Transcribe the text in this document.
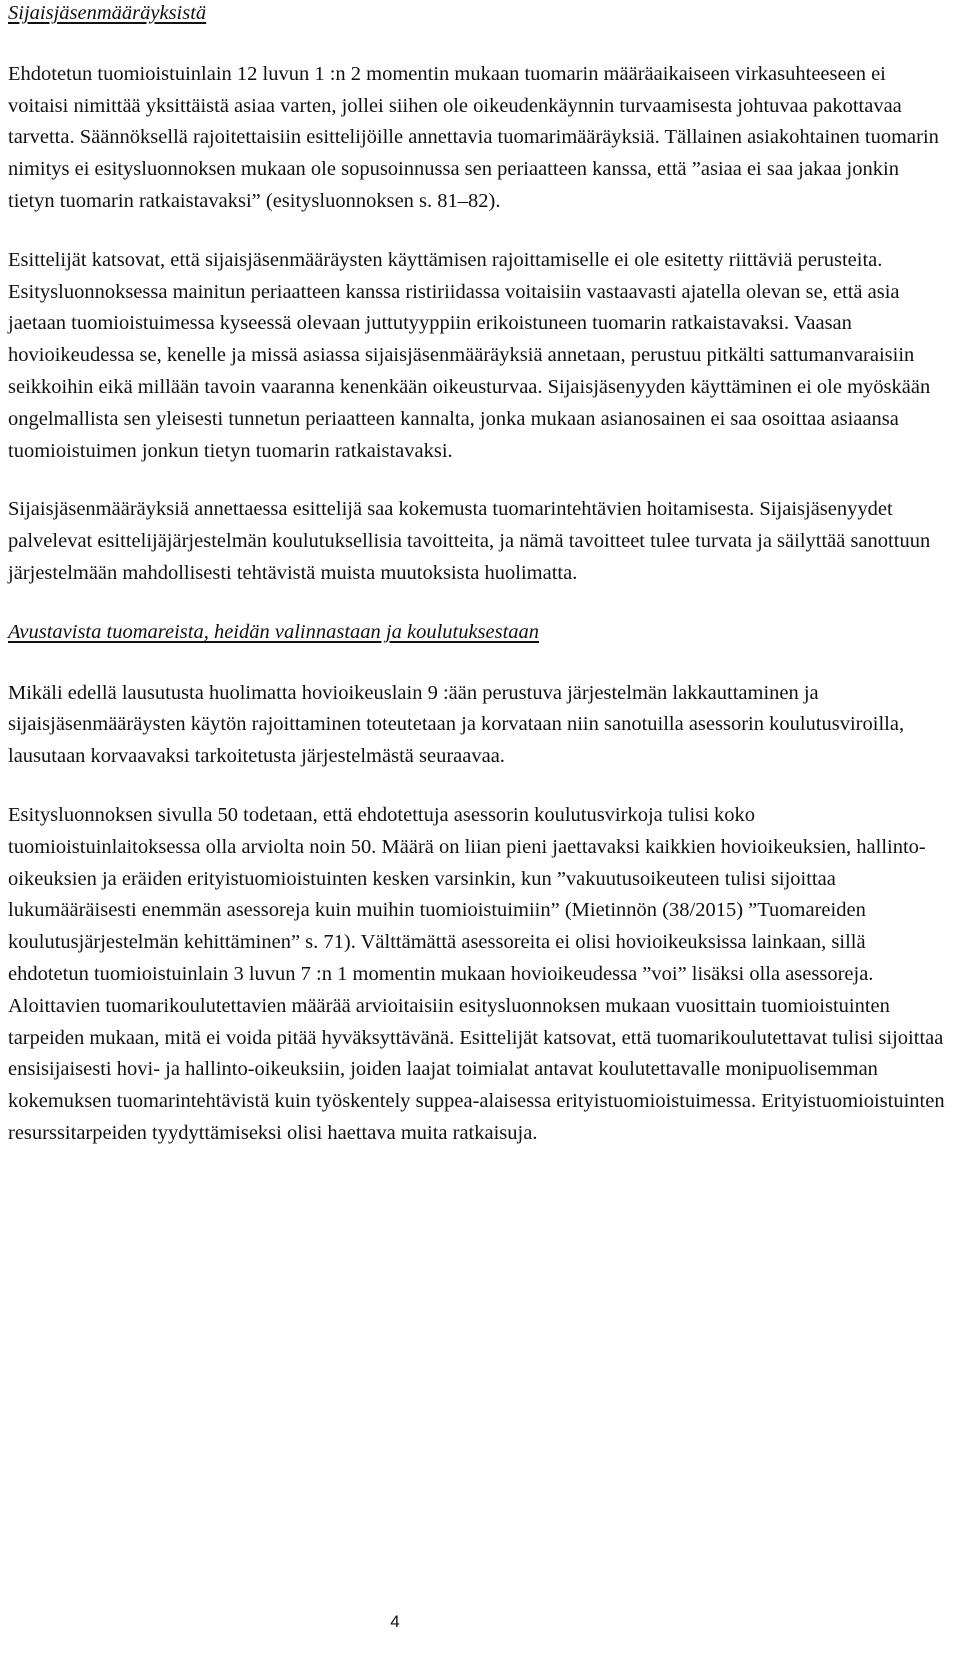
Sijaisjäsenmääräyksistä

Ehdotetun tuomioistuinlain 12 luvun 1 :n 2 momentin mukaan tuomarin määräaikaiseen virkasuhteeseen ei voitaisi nimittää yksittäistä asiaa varten, jollei siihen ole oikeudenkäynnin turvaamisesta johtuvaa pakottavaa tarvetta. Säännöksellä rajoitettaisiin esittelijöille annettavia tuomarimääräyksiä. Tällainen asiakohtainen tuomarin nimitys ei esitysluonnoksen mukaan ole sopusoinnussa sen periaatteen kanssa, että ”asiaa ei saa jakaa jonkin tietyn tuomarin ratkaistavaksi” (esitysluonnoksen s. 81–82).

Esittelijät katsovat, että sijaisjäsenmääräysten käyttämisen rajoittamiselle ei ole esitetty riittäviä perusteita. Esitysluonnoksessa mainitun periaatteen kanssa ristiriidassa voitaisiin vastaavasti ajatella olevan se, että asia jaetaan tuomioistuimessa kyseessä olevaan juttutyyppiin erikoistuneen tuomarin ratkaistavaksi. Vaasan hovioikeudessa se, kenelle ja missä asiassa sijaisjäsenmääräyksiä annetaan, perustuu pitkälti sattumanvaraisiin seikkoihin eikä millään tavoin vaaranna kenenkään oikeusturvaa. Sijaisjäsenyyden käyttäminen ei ole myöskään ongelmallista sen yleisesti tunnetun periaatteen kannalta, jonka mukaan asianosainen ei saa osoittaa asiaansa tuomioistuimen jonkun tietyn tuomarin ratkaistavaksi.

Sijaisjäsenmääräyksiä annettaessa esittelijä saa kokemusta tuomarintehtävien hoitamisesta. Sijaisjäsenyydet palvelevat esittelijäjärjestelmän koulutuksellisia tavoitteita, ja nämä tavoitteet tulee turvata ja säilyttää sanottuun järjestelmään mahdollisesti tehtävistä muista muutoksista huolimatta.

Avustavista tuomareista, heidän valinnastaan ja koulutuksestaan

Mikäli edellä lausutusta huolimatta hovioikeuslain 9 :ään perustuva järjestelmän lakkauttaminen ja sijaisjäsenmääräysten käytön rajoittaminen toteutetaan ja korvataan niin sanotuilla asessorin koulutusviroilla, lausutaan korvaavaksi tarkoitetusta järjestelmästä seuraavaa.

Esitysluonnoksen sivulla 50 todetaan, että ehdotettuja asessorin koulutusvirkoja tulisi koko tuomioistuinlaitoksessa olla arviolta noin 50. Määrä on liian pieni jaettavaksi kaikkien hovioikeuksien, hallinto-oikeuksien ja eräiden erityistuomioistuinten kesken varsinkin, kun ”vakuutusoikeuteen tulisi sijoittaa lukumääräisesti enemmän asessoreja kuin muihin tuomioistuimiin” (Mietinnön (38/2015) ”Tuomareiden koulutusjärjestelmän kehittäminen” s. 71). Välttämättä asessoreita ei olisi hovioikeuksissa lainkaan, sillä ehdotetun tuomioistuinlain 3 luvun 7 :n 1 momentin mukaan hovioikeudessa ”voi” lisäksi olla asessoreja. Aloittavien tuomarikoulutettavien määrää arvioitaisiin esitysluonnoksen mukaan vuosittain tuomioistuinten tarpeiden mukaan, mitä ei voida pitää hyväksyttävänä. Esittelijät katsovat, että tuomarikoulutettavat tulisi sijoittaa ensisijaisesti hovi- ja hallinto-oikeuksiin, joiden laajat toimialat antavat koulutettavalle monipuolisemman kokemuksen tuomarintehtävistä kuin työskentely suppea-alaisessa erityistuomioistuimessa. Erityistuomioistuinten resurssitarpeiden tyydyttämiseksi olisi haettava muita ratkaisuja.

4
